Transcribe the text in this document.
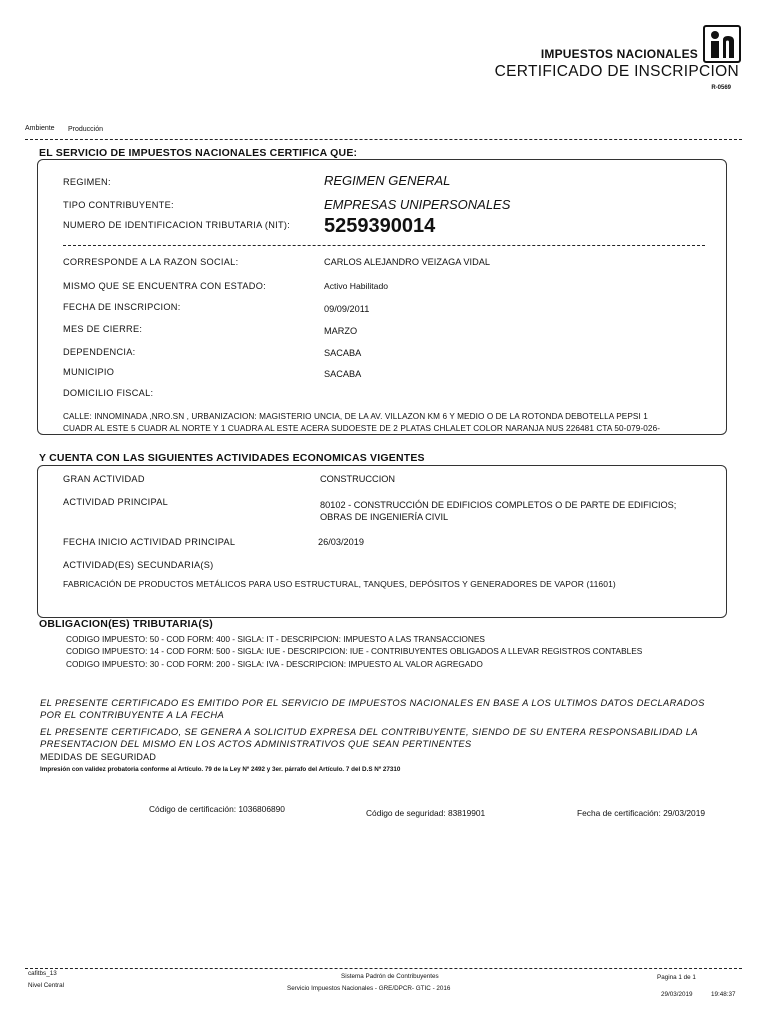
IMPUESTOS NACIONALES
CERTIFICADO DE INSCRIPCION
R-0569
Ambiente Producción
EL SERVICIO DE IMPUESTOS NACIONALES CERTIFICA QUE:
REGIMEN:	REGIMEN GENERAL
TIPO CONTRIBUYENTE:	EMPRESAS UNIPERSONALES
NUMERO DE IDENTIFICACION TRIBUTARIA (NIT): 5259390014
CORRESPONDE A LA RAZON SOCIAL:	CARLOS ALEJANDRO VEIZAGA VIDAL
MISMO QUE SE ENCUENTRA CON ESTADO:	Activo Habilitado
FECHA DE INSCRIPCION:	09/09/2011
MES DE CIERRE:	MARZO
DEPENDENCIA:	SACABA
MUNICIPIO	SACABA
DOMICILIO FISCAL:
CALLE: INNOMINADA ,NRO.SN , URBANIZACION: MAGISTERIO UNCIA, DE LA AV. VILLAZON KM 6 Y MEDIO O DE LA ROTONDA DEBOTELLA PEPSI 1
CUADR AL ESTE 5 CUADR AL NORTE Y 1 CUADRA AL ESTE ACERA SUDOESTE DE 2 PLATAS CHLALET COLOR NARANJA NUS 226481 CTA 50-079-026-
Y CUENTA CON LAS SIGUIENTES ACTIVIDADES ECONOMICAS VIGENTES
GRAN ACTIVIDAD	CONSTRUCCION
ACTIVIDAD PRINCIPAL	80102 - CONSTRUCCIÓN DE EDIFICIOS COMPLETOS O DE PARTE DE EDIFICIOS;
OBRAS DE INGENIERÍA CIVIL
FECHA INICIO ACTIVIDAD PRINCIPAL	26/03/2019
ACTIVIDAD(ES) SECUNDARIA(S)
FABRICACIÓN DE PRODUCTOS METÁLICOS PARA USO ESTRUCTURAL, TANQUES, DEPÓSITOS Y GENERADORES DE VAPOR (11601)
OBLIGACION(ES) TRIBUTARIA(S)
CODIGO IMPUESTO: 50 - COD FORM: 400 - SIGLA: IT - DESCRIPCION: IMPUESTO A LAS TRANSACCIONES
CODIGO IMPUESTO: 14 - COD FORM: 500 - SIGLA: IUE - DESCRIPCION: IUE - CONTRIBUYENTES OBLIGADOS A LLEVAR REGISTROS CONTABLES
CODIGO IMPUESTO: 30 - COD FORM: 200 - SIGLA: IVA - DESCRIPCION: IMPUESTO AL VALOR AGREGADO
EL PRESENTE CERTIFICADO ES EMITIDO POR EL SERVICIO DE IMPUESTOS NACIONALES EN BASE A LOS ULTIMOS DATOS DECLARADOS
POR EL CONTRIBUYENTE A LA FECHA
EL PRESENTE CERTIFICADO, SE GENERA A SOLICITUD EXPRESA DEL CONTRIBUYENTE, SIENDO DE SU ENTERA RESPONSABILIDAD LA
PRESENTACION DEL MISMO EN LOS ACTOS ADMINISTRATIVOS QUE SEAN PERTINENTES
MEDIDAS DE SEGURIDAD
Impresión con validez probatoria conforme al Artículo. 79 de la Ley Nº 2492 y 3er. párrafo del Artículo. 7 del D.S Nº 27310
Código de certificación: 1036806890	Código de seguridad: 83819901	Fecha de certificación: 29/03/2019
cafitbs_13
Nivel Central
Sistema Padrón de Contribuyentes
Servicio Impuestos Nacionales - GRE/DPCR- GTIC - 2016
Pagina 1 de 1
29/03/2019	19:48:37
